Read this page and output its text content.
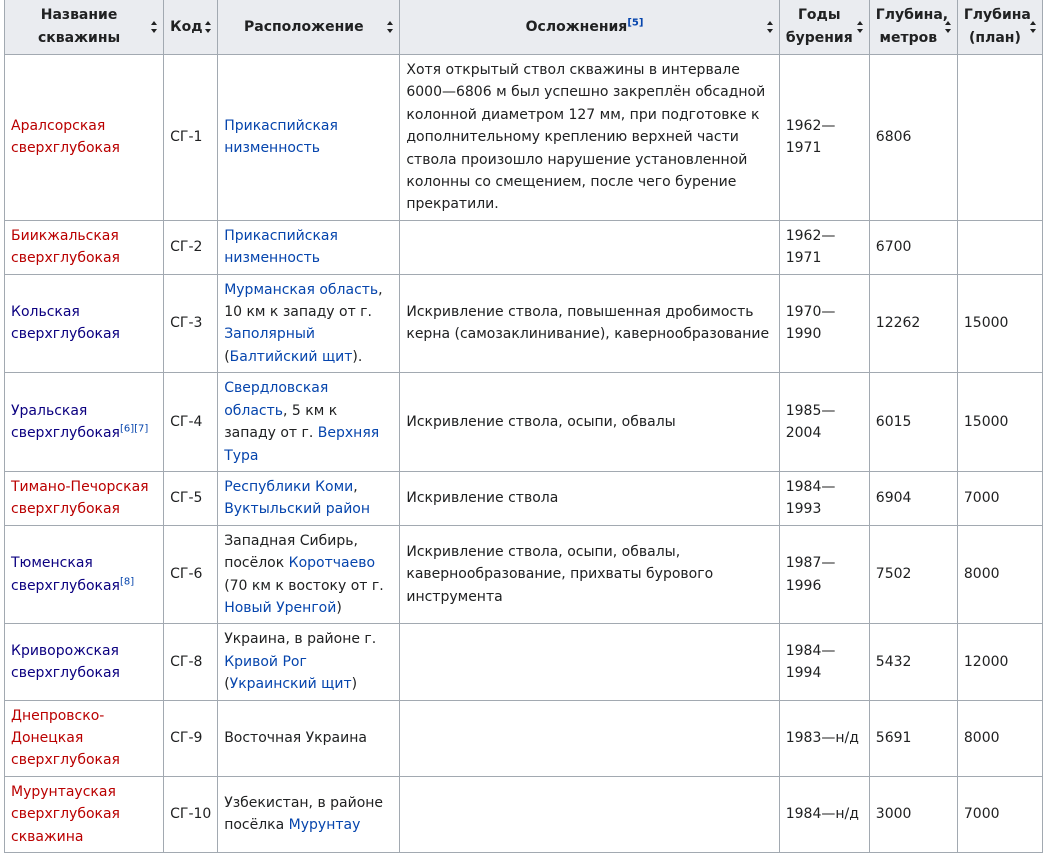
Название скважины	Код	Расположение	Осложнения[5]	Годы бурения	Глубина, метров	Глубина (план)

Аралсорская сверхглубокая	СГ-1	Прикаспийская низменность	Хотя открытый ствол скважины в интервале 6000—6806 м был успешно закреплён обсадной колонной диаметром 127 мм, при подготовке к дополнительному креплению верхней части ствола произошло нарушение установленной колонны со смещением, после чего бурение прекратили.	1962—1971	6806	
Биикжальская сверхглубокая	СГ-2	Прикаспийская низменность		1962—1971	6700	
Кольская сверхглубокая	СГ-3	Мурманская область, 10 км к западу от г. Заполярный (Балтийский щит).	Искривление ствола, повышенная дробимость керна (самозаклинивание), кавернообразование	1970—1990	12262	15000
Уральская сверхглубокая[6][7]	СГ-4	Свердловская область, 5 км к западу от г. Верхняя Тура	Искривление ствола, осыпи, обвалы	1985—2004	6015	15000
Тимано-Печорская сверхглубокая	СГ-5	Республики Коми, Вуктыльский район	Искривление ствола	1984—1993	6904	7000
Тюменская сверхглубокая[8]	СГ-6	Западная Сибирь, посёлок Коротчаево (70 км к востоку от г. Новый Уренгой)	Искривление ствола, осыпи, обвалы, кавернообразование, прихваты бурового инструмента	1987—1996	7502	8000
Криворожская сверхглубокая	СГ-8	Украина, в районе г. Кривой Рог (Украинский щит)		1984—1994	5432	12000
Днепровско-Донецкая сверхглубокая	СГ-9	Восточная Украина		1983—н/д	5691	8000
Мурунтауская сверхглубокая скважина	СГ-10	Узбекистан, в районе посёлка Мурунтау		1984—н/д	3000	7000
